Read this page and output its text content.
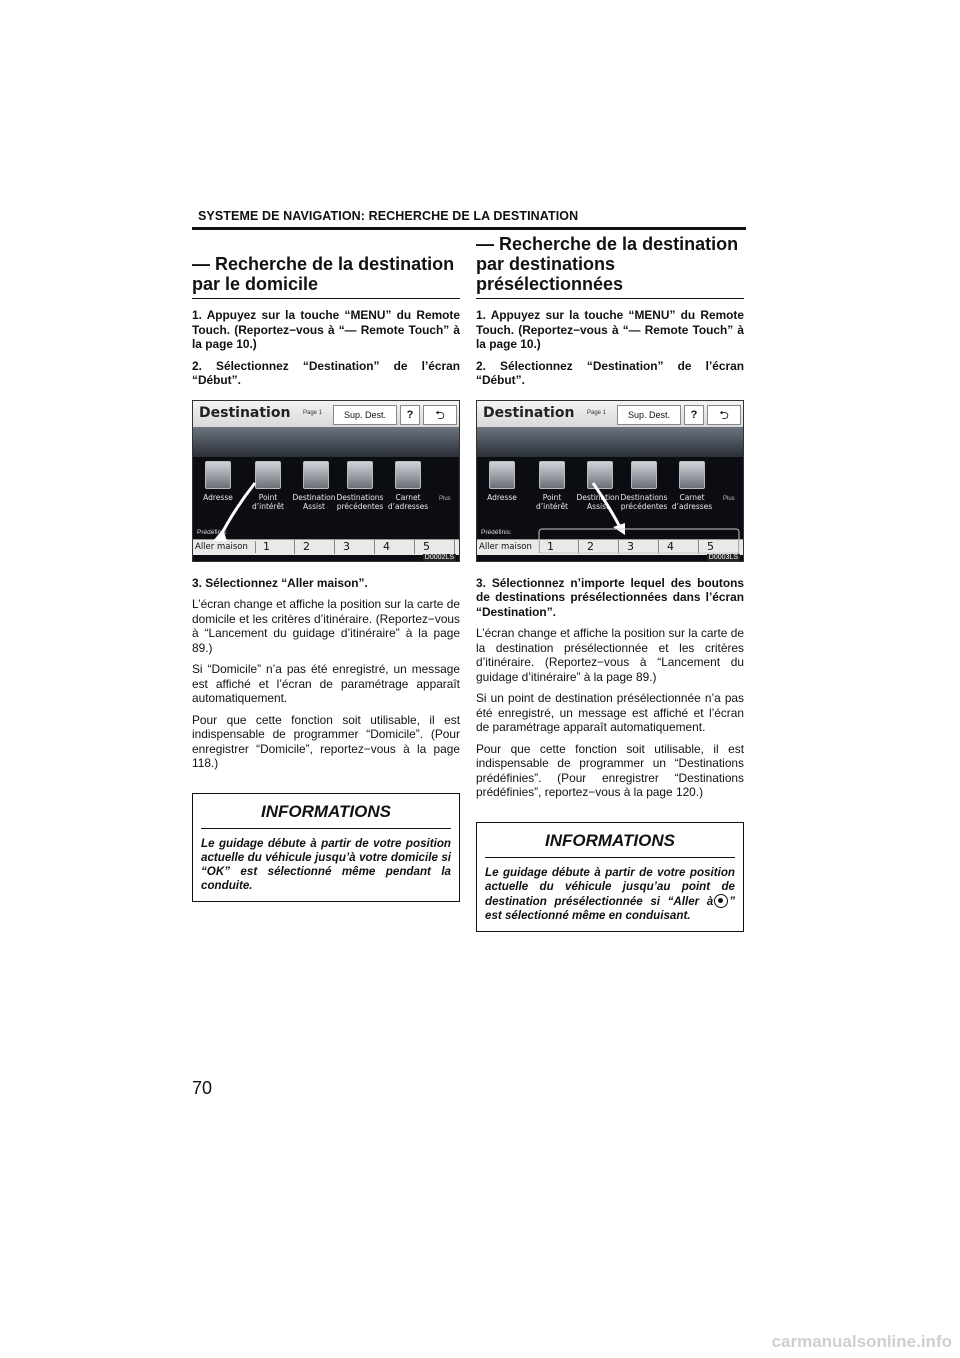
SYSTEME DE NAVIGATION: RECHERCHE DE LA DESTINATION
— Recherche de la destination
par le domicile

1. Appuyez sur la touche “MENU” du Remote Touch. (Reportez−vous à “— Remote Touch” à la page 10.)

2. Sélectionnez “Destination” de l’écran “Début”.

Destination Page 1	Sup. Dest.	?	⮌
Adresse	Point d’intérêt
Destination Assist
Destinations précédentes
Carnet d’adresses
Plus
Prédéfinis:
Aller maison	1	2	3	4	5
D0002LS

3. Sélectionnez “Aller maison”.

L’écran change et affiche la position sur la carte de domicile et les critères d’itinéraire. (Reportez−vous à “Lancement du guidage d’itinéraire” à la page 89.)

Si “Domicile” n’a pas été enregistré, un message est affiché et l’écran de paramétrage apparaît automatiquement.

Pour que cette fonction soit utilisable, il est indispensable de programmer “Domicile”. (Pour enregistrer “Domicile”, reportez−vous à la page 118.)

INFORMATIONS
Le guidage débute à partir de votre position actuelle du véhicule jusqu’à votre domicile si “OK” est sélectionné même pendant la conduite.
— Recherche de la destination
par destinations
présélectionnées

1. Appuyez sur la touche “MENU” du Remote Touch. (Reportez−vous à “— Remote Touch” à la page 10.)

2. Sélectionnez “Destination” de l’écran “Début”.

Destination Page 1	Sup. Dest.	?	⮌
Adresse	Point d’intérêt
Destination Assist
Destinations précédentes
Carnet d’adresses
Plus
Prédéfinis:
Aller maison	1	2	3	4	5
D0003LS

3. Sélectionnez n’importe lequel des boutons de destinations présélectionnées dans l’écran “Destination”.

L’écran change et affiche la position sur la carte de la destination présélectionnée et les critères d’itinéraire. (Reportez−vous à “Lancement du guidage d’itinéraire” à la page 89.)

Si un point de destination présélectionnée n’a pas été enregistré, un message est affiché et l’écran de paramétrage apparaît automatiquement.

Pour que cette fonction soit utilisable, il est indispensable de programmer un “Destinations prédéfinies”. (Pour enregistrer “Destinations prédéfinies”, reportez−vous à la page 120.)

INFORMATIONS
Le guidage débute à partir de votre position actuelle du véhicule jusqu’au point de destination présélectionnée si “Aller à ” est sélectionné même en conduisant.
70
carmanualsonline.info
